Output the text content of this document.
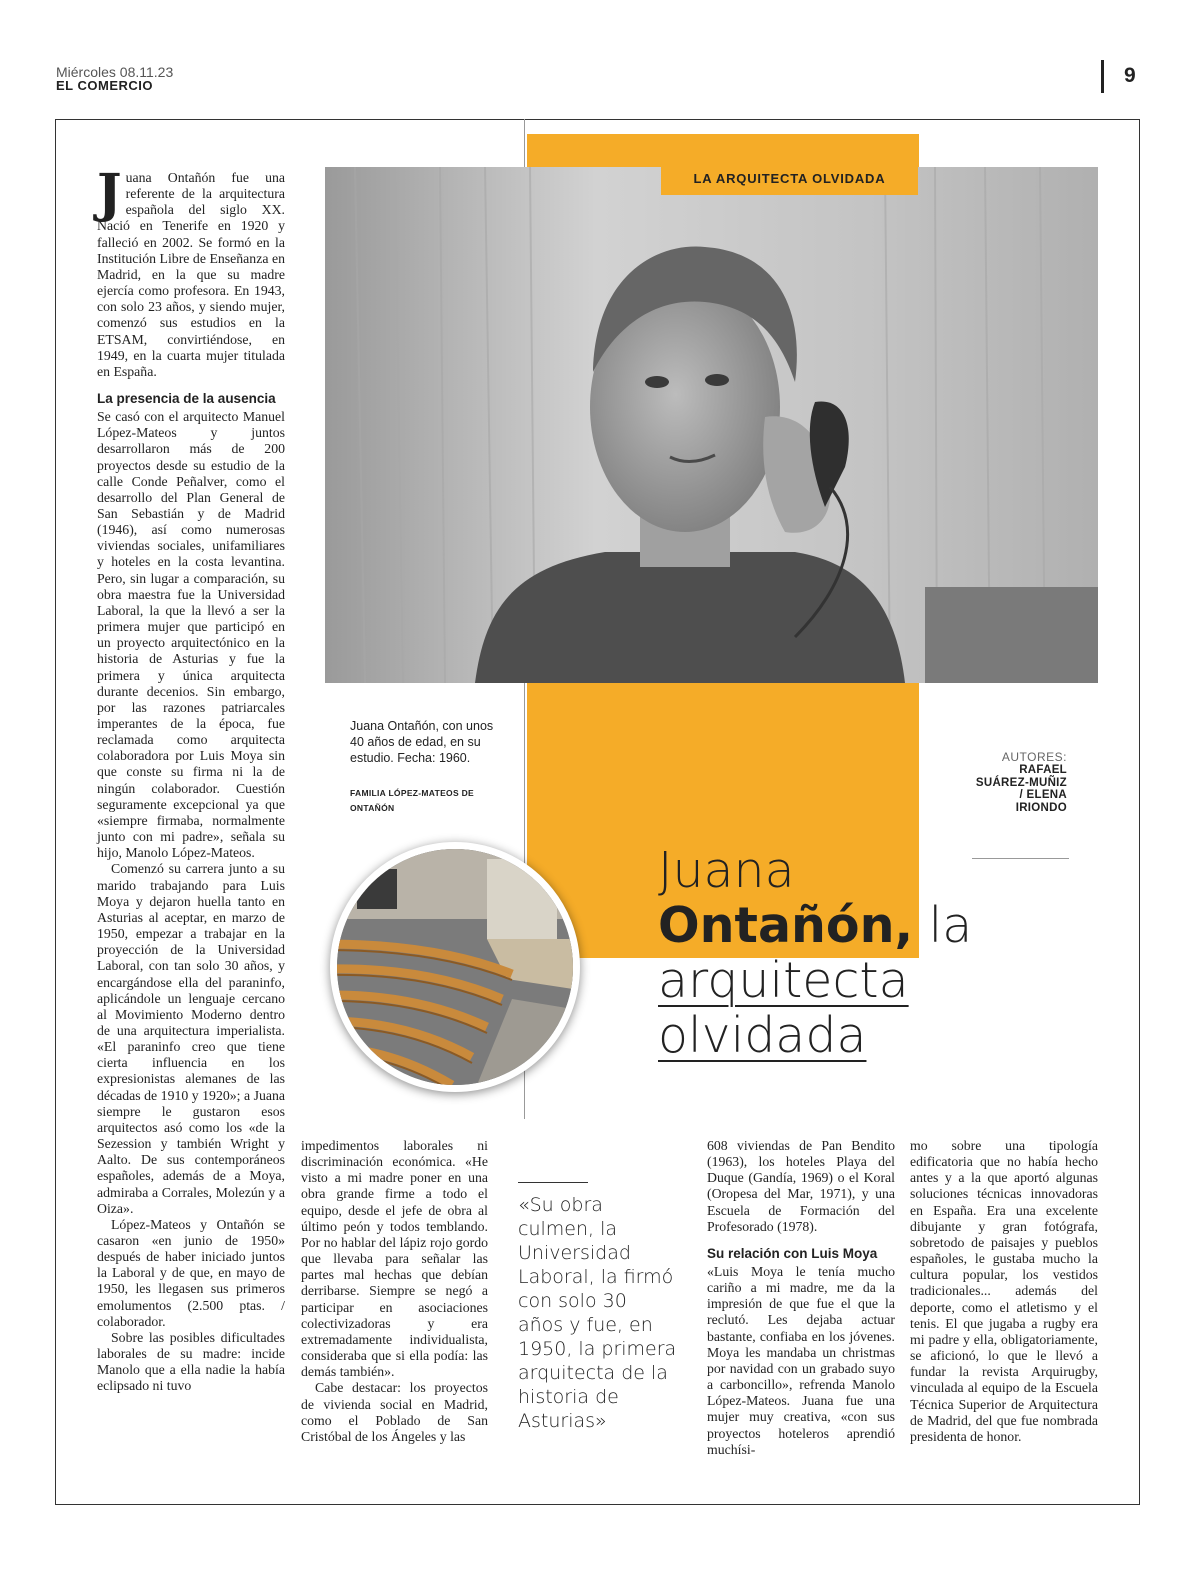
Miércoles 08.11.23
EL COMERCIO	9
LA ARQUITECTA OLVIDADA
Juana Ontañón, con unos 40 años de edad, en su estudio. Fecha: 1960.
FAMILIA LÓPEZ-MATEOS DE ONTAÑÓN
AUTORES:
RAFAEL SUÁREZ-MUÑIZ / ELENA IRIONDO
Juana
Ontañón, la
arquitecta
olvidada

Juana Ontañón fue una referente de la arquitectura española del siglo XX. Nació en Tenerife en 1920 y falleció en 2002. Se formó en la Institución Libre de Enseñanza en Madrid, en la que su madre ejercía como profesora. En 1943, con solo 23 años, y siendo mujer, comenzó sus estudios en la ETSAM, convirtiéndose, en 1949, en la cuarta mujer titulada en España.

La presencia de la ausencia

Se casó con el arquitecto Manuel López-Mateos y juntos desarrollaron más de 200 proyectos desde su estudio de la calle Conde Peñalver, como el desarrollo del Plan General de San Sebastián y de Madrid (1946), así como numerosas viviendas sociales, unifamiliares y hoteles en la costa levantina. Pero, sin lugar a comparación, su obra maestra fue la Universidad Laboral, la que la llevó a ser la primera mujer que participó en un proyecto arquitectónico en la historia de Asturias y fue la primera y única arquitecta durante decenios. Sin embargo, por las razones patriarcales imperantes de la época, fue reclamada como arquitecta colaboradora por Luis Moya sin que conste su firma ni la de ningún colaborador. Cuestión seguramente excepcional ya que «siempre firmaba, normalmente junto con mi padre», señala su hijo, Manolo López-Mateos.

Comenzó su carrera junto a su marido trabajando para Luis Moya y dejaron huella tanto en Asturias al aceptar, en marzo de 1950, empezar a trabajar en la proyección de la Universidad Laboral, con tan solo 30 años, y encargándose ella del paraninfo, aplicándole un lenguaje cercano al Movimiento Moderno dentro de una arquitectura imperialista. «El paraninfo creo que tiene cierta influencia en los expresionistas alemanes de las décadas de 1910 y 1920»; a Juana siempre le gustaron esos arquitectos asó como los «de la Sezession y también Wright y Aalto. De sus contemporáneos españoles, además de a Moya, admiraba a Corrales, Molezún y a Oiza».

López-Mateos y Ontañón se casaron «en junio de 1950» después de haber iniciado juntos la Laboral y de que, en mayo de 1950, les llegasen sus primeros emolumentos (2.500 ptas. / colaborador.

Sobre las posibles dificultades laborales de su madre: incide Manolo que a ella nadie la había eclipsado ni tuvo

impedimentos laborales ni discriminación económica. «He visto a mi madre poner en una obra grande firme a todo el equipo, desde el jefe de obra al último peón y todos temblando. Por no hablar del lápiz rojo gordo que llevaba para señalar las partes mal hechas que debían derribarse. Siempre se negó a participar en asociaciones colectivizadoras y era extremadamente individualista, consideraba que si ella podía: las demás también».

Cabe destacar: los proyectos de vivienda social en Madrid, como el Poblado de San Cristóbal de los Ángeles y las

«Su obra culmen, la Universidad Laboral, la firmó con solo 30 años y fue, en 1950, la primera arquitecta de la historia de Asturias»

608 viviendas de Pan Bendito (1963), los hoteles Playa del Duque (Gandía, 1969) o el Koral (Oropesa del Mar, 1971), y una Escuela de Formación del Profesorado (1978).

Su relación con Luis Moya

«Luis Moya le tenía mucho cariño a mi madre, me da la impresión de que fue el que la reclutó. Les dejaba actuar bastante, confiaba en los jóvenes. Moya les mandaba un christmas por navidad con un grabado suyo a carboncillo», refrenda Manolo López-Mateos. Juana fue una mujer muy creativa, «con sus proyectos hoteleros aprendió muchísi-

mo sobre una tipología edificatoria que no había hecho antes y a la que aportó algunas soluciones técnicas innovadoras en España. Era una excelente dibujante y gran fotógrafa, sobretodo de paisajes y pueblos españoles, le gustaba mucho la cultura popular, los vestidos tradicionales... además del deporte, como el atletismo y el tenis. El que jugaba a rugby era mi padre y ella, obligatoriamente, se aficionó, lo que le llevó a fundar la revista Arquirugby, vinculada al equipo de la Escuela Técnica Superior de Arquitectura de Madrid, del que fue nombrada presidenta de honor.
